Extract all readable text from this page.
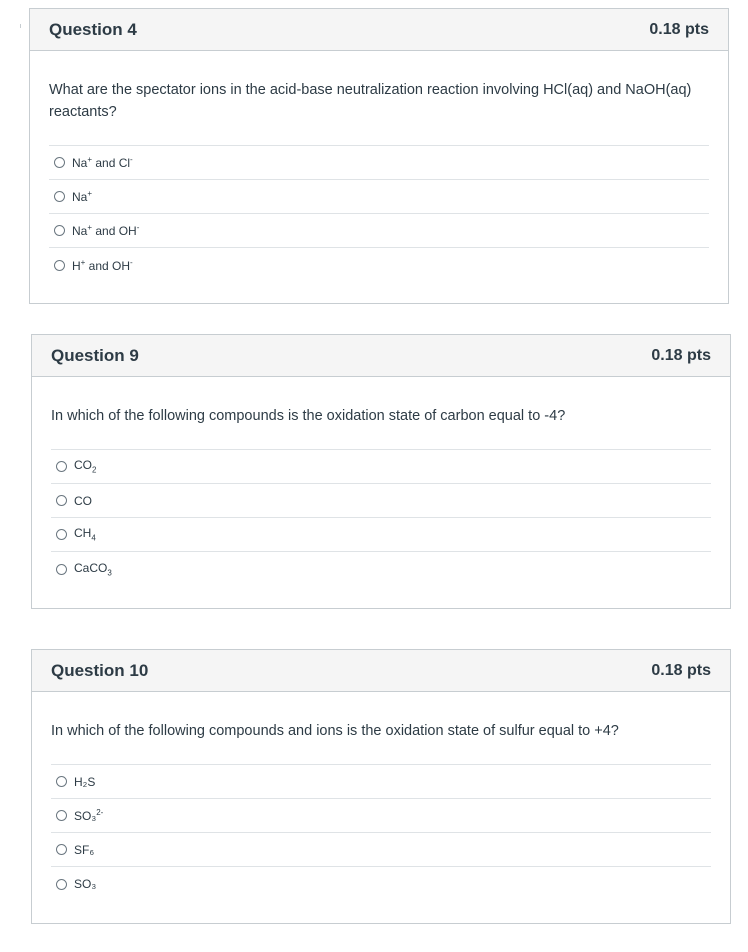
Question 4	0.18 pts
What are the spectator ions in the acid-base neutralization reaction involving HCl(aq) and NaOH(aq) reactants?
Na+ and Cl-
Na+
Na+ and OH-
H+ and OH-
Question 9	0.18 pts
In which of the following compounds is the oxidation state of carbon equal to -4?
$CO_2$
CO
$CH_4$
CaCO$_3$
Question 10	0.18 pts
In which of the following compounds and ions is the oxidation state of sulfur equal to +4?
H₂S
SO₃$^{2-}$
SF₆
SO₃
